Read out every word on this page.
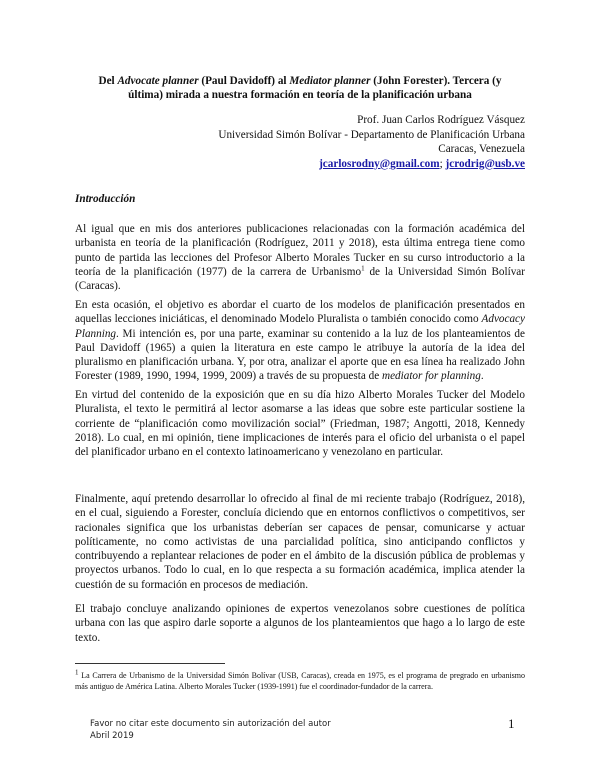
Del Advocate planner (Paul Davidoff) al Mediator planner (John Forester). Tercera (y última) mirada a nuestra formación en teoría de la planificación urbana
Prof. Juan Carlos Rodríguez Vásquez
Universidad Simón Bolívar - Departamento de Planificación Urbana
Caracas, Venezuela
jcarlosrodny@gmail.com; jcrodrig@usb.ve
Introducción

Al igual que en mis dos anteriores publicaciones relacionadas con la formación académica del urbanista en teoría de la planificación (Rodríguez, 2011 y 2018), esta última entrega tiene como punto de partida las lecciones del Profesor Alberto Morales Tucker en su curso introductorio a la teoría de la planificación (1977) de la carrera de Urbanismo$^1$ de la Universidad Simón Bolívar (Caracas).

En esta ocasión, el objetivo es abordar el cuarto de los modelos de planificación presentados en aquellas lecciones iniciáticas, el denominado Modelo Pluralista o también conocido como Advocacy Planning. Mi intención es, por una parte, examinar su contenido a la luz de los planteamientos de Paul Davidoff (1965) a quien la literatura en este campo le atribuye la autoría de la idea del pluralismo en planificación urbana. Y, por otra, analizar el aporte que en esa línea ha realizado John Forester (1989, 1990, 1994, 1999, 2009) a través de su propuesta de mediator for planning.

En virtud del contenido de la exposición que en su día hizo Alberto Morales Tucker del Modelo Pluralista, el texto le permitirá al lector asomarse a las ideas que sobre este particular sostiene la corriente de “planificación como movilización social” (Friedman, 1987; Angotti, 2018, Kennedy 2018). Lo cual, en mi opinión, tiene implicaciones de interés para el oficio del urbanista o el papel del planificador urbano en el contexto latinoamericano y venezolano en particular.

Finalmente, aquí pretendo desarrollar lo ofrecido al final de mi reciente trabajo (Rodríguez, 2018), en el cual, siguiendo a Forester, concluía diciendo que en entornos conflictivos o competitivos, ser racionales significa que los urbanistas deberían ser capaces de pensar, comunicarse y actuar políticamente, no como activistas de una parcialidad política, sino anticipando conflictos y contribuyendo a replantear relaciones de poder en el ámbito de la discusión pública de problemas y proyectos urbanos. Todo lo cual, en lo que respecta a su formación académica, implica atender la cuestión de su formación en procesos de mediación.

El trabajo concluye analizando opiniones de expertos venezolanos sobre cuestiones de política urbana con las que aspiro darle soporte a algunos de los planteamientos que hago a lo largo de este texto.

$^1$ La Carrera de Urbanismo de la Universidad Simón Bolívar (USB, Caracas), creada en 1975, es el programa de pregrado en urbanismo más antiguo de América Latina. Alberto Morales Tucker (1939-1991) fue el coordinador-fundador de la carrera.

Favor no citar este documento sin autorización del autor
Abril 2019
1
